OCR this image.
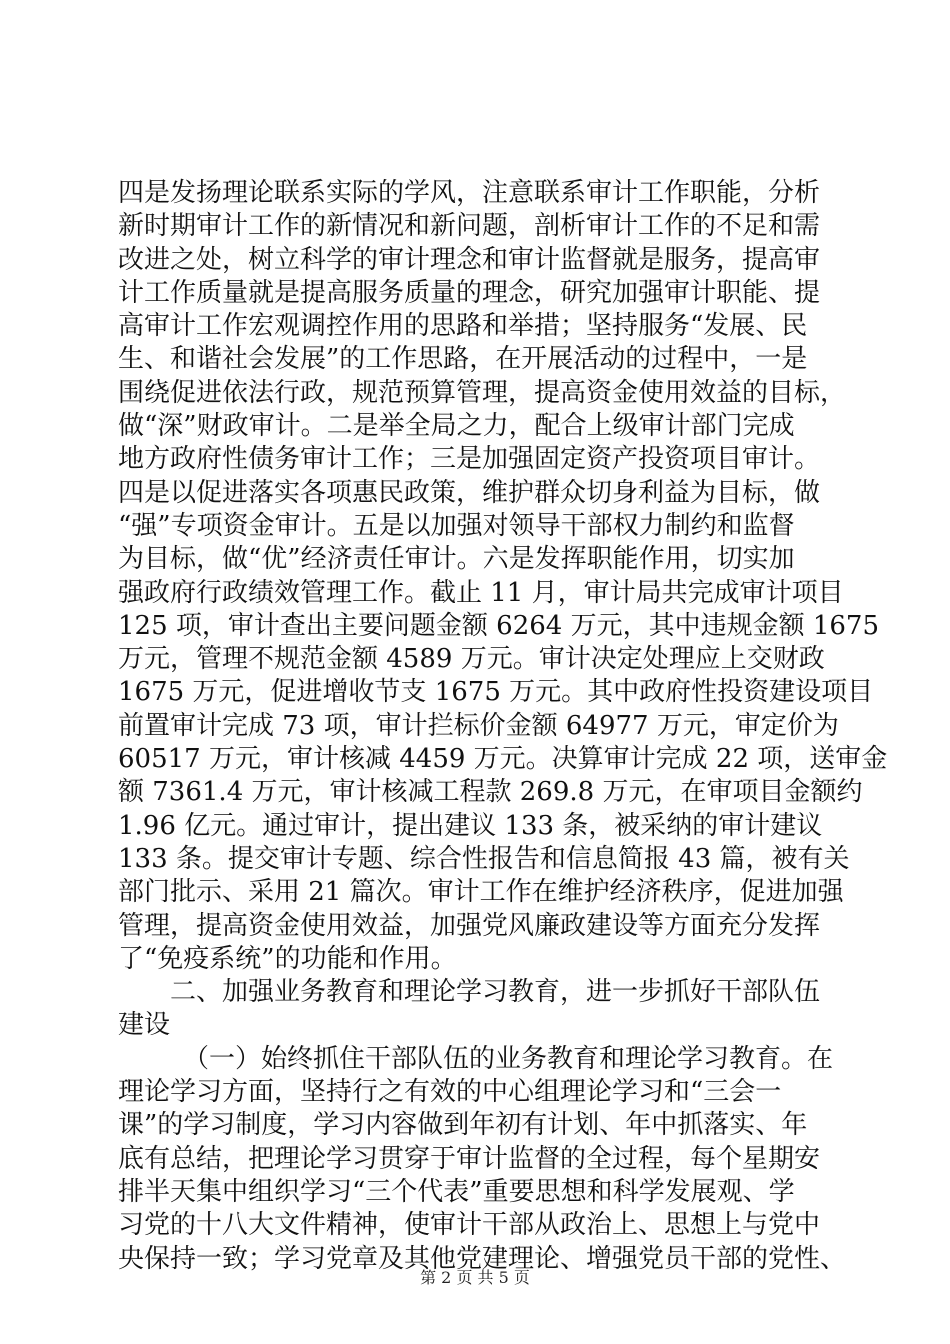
四是发扬理论联系实际的学风，注意联系审计工作职能，分析
新时期审计工作的新情况和新问题，剖析审计工作的不足和需
改进之处，树立科学的审计理念和审计监督就是服务，提高审
计工作质量就是提高服务质量的理念，研究加强审计职能、提
高审计工作宏观调控作用的思路和举措；坚持服务“发展、民
生、和谐社会发展”的工作思路，在开展活动的过程中，一是
围绕促进依法行政，规范预算管理，提高资金使用效益的目标，
做“深”财政审计。二是举全局之力，配合上级审计部门完成
地方政府性债务审计工作；三是加强固定资产投资项目审计。
四是以促进落实各项惠民政策，维护群众切身利益为目标，做
“强”专项资金审计。五是以加强对领导干部权力制约和监督
为目标，做“优”经济责任审计。六是发挥职能作用，切实加
强政府行政绩效管理工作。截止 11 月，审计局共完成审计项目
125 项，审计查出主要问题金额 6264 万元，其中违规金额 1675
万元，管理不规范金额 4589 万元。审计决定处理应上交财政
1675 万元，促进增收节支 1675 万元。其中政府性投资建设项目
前置审计完成 73 项，审计拦标价金额 64977 万元，审定价为
60517 万元，审计核减 4459 万元。决算审计完成 22 项，送审金
额 7361.4 万元，审计核减工程款 269.8 万元，在审项目金额约
1.96 亿元。通过审计，提出建议 133 条，被采纳的审计建议
133 条。提交审计专题、综合性报告和信息简报 43 篇，被有关
部门批示、采用 21 篇次。审计工作在维护经济秩序，促进加强
管理，提高资金使用效益，加强党风廉政建设等方面充分发挥
了“免疫系统”的功能和作用。
二、加强业务教育和理论学习教育，进一步抓好干部队伍
建设
（一）始终抓住干部队伍的业务教育和理论学习教育。在
理论学习方面，坚持行之有效的中心组理论学习和“三会一
课”的学习制度，学习内容做到年初有计划、年中抓落实、年
底有总结，把理论学习贯穿于审计监督的全过程，每个星期安
排半天集中组织学习“三个代表”重要思想和科学发展观、学
习党的十八大文件精神，使审计干部从政治上、思想上与党中
央保持一致；学习党章及其他党建理论、增强党员干部的党性、
第 2 页 共 5 页
